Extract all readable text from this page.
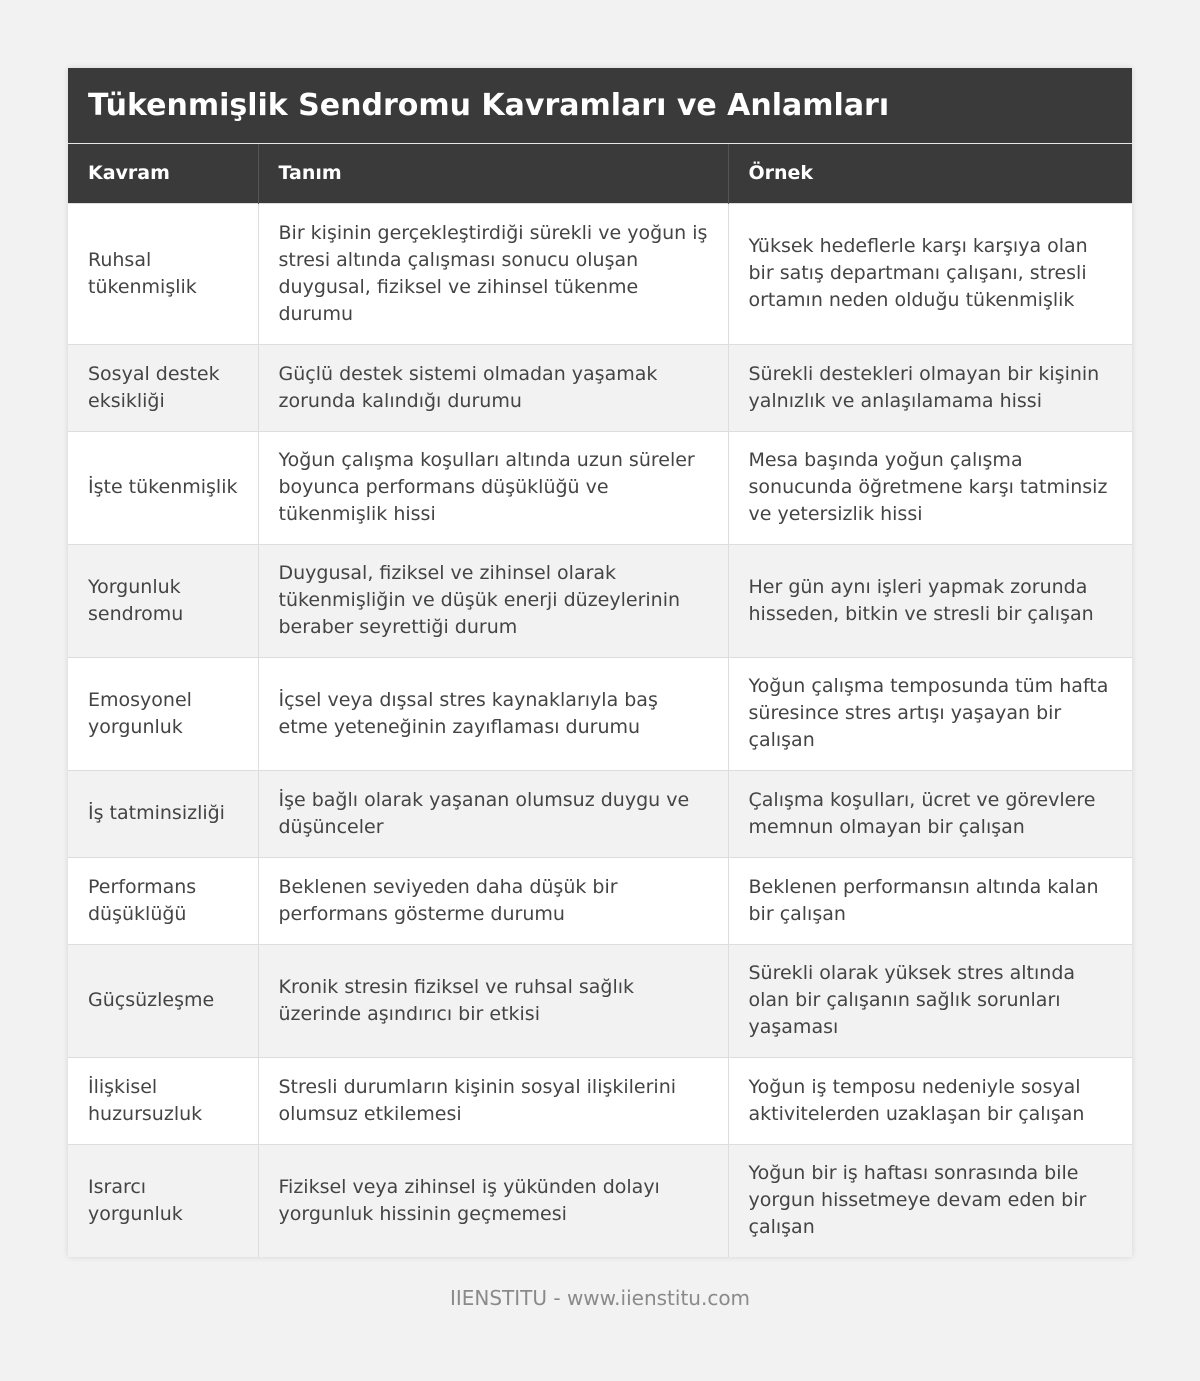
Tükenmişlik Sendromu Kavramları ve Anlamları
Kavram	Tanım	Örnek
Ruhsal tükenmişlik	Bir kişinin gerçekleştirdiği sürekli ve yoğun iş stresi altında çalışması sonucu oluşan duygusal, fiziksel ve zihinsel tükenme durumu	Yüksek hedeflerle karşı karşıya olan bir satış departmanı çalışanı, stresli ortamın neden olduğu tükenmişlik
Sosyal destek eksikliği	Güçlü destek sistemi olmadan yaşamak zorunda kalındığı durumu	Sürekli destekleri olmayan bir kişinin yalnızlık ve anlaşılamama hissi
İşte tükenmişlik	Yoğun çalışma koşulları altında uzun süreler boyunca performans düşüklüğü ve tükenmişlik hissi	Mesa başında yoğun çalışma sonucunda öğretmene karşı tatminsiz ve yetersizlik hissi
Yorgunluk sendromu	Duygusal, fiziksel ve zihinsel olarak tükenmişliğin ve düşük enerji düzeylerinin beraber seyrettiği durum	Her gün aynı işleri yapmak zorunda hisseden, bitkin ve stresli bir çalışan
Emosyonel yorgunluk	İçsel veya dışsal stres kaynaklarıyla baş etme yeteneğinin zayıflaması durumu	Yoğun çalışma temposunda tüm hafta süresince stres artışı yaşayan bir çalışan
İş tatminsizliği	İşe bağlı olarak yaşanan olumsuz duygu ve düşünceler	Çalışma koşulları, ücret ve görevlere memnun olmayan bir çalışan
Performans düşüklüğü	Beklenen seviyeden daha düşük bir performans gösterme durumu	Beklenen performansın altında kalan bir çalışan
Güçsüzleşme	Kronik stresin fiziksel ve ruhsal sağlık üzerinde aşındırıcı bir etkisi	Sürekli olarak yüksek stres altında olan bir çalışanın sağlık sorunları yaşaması
İlişkisel huzursuzluk	Stresli durumların kişinin sosyal ilişkilerini olumsuz etkilemesi	Yoğun iş temposu nedeniyle sosyal aktivitelerden uzaklaşan bir çalışan
Israrcı yorgunluk	Fiziksel veya zihinsel iş yükünden dolayı yorgunluk hissinin geçmemesi	Yoğun bir iş haftası sonrasında bile yorgun hissetmeye devam eden bir çalışan
IIENSTITU - www.iienstitu.com
